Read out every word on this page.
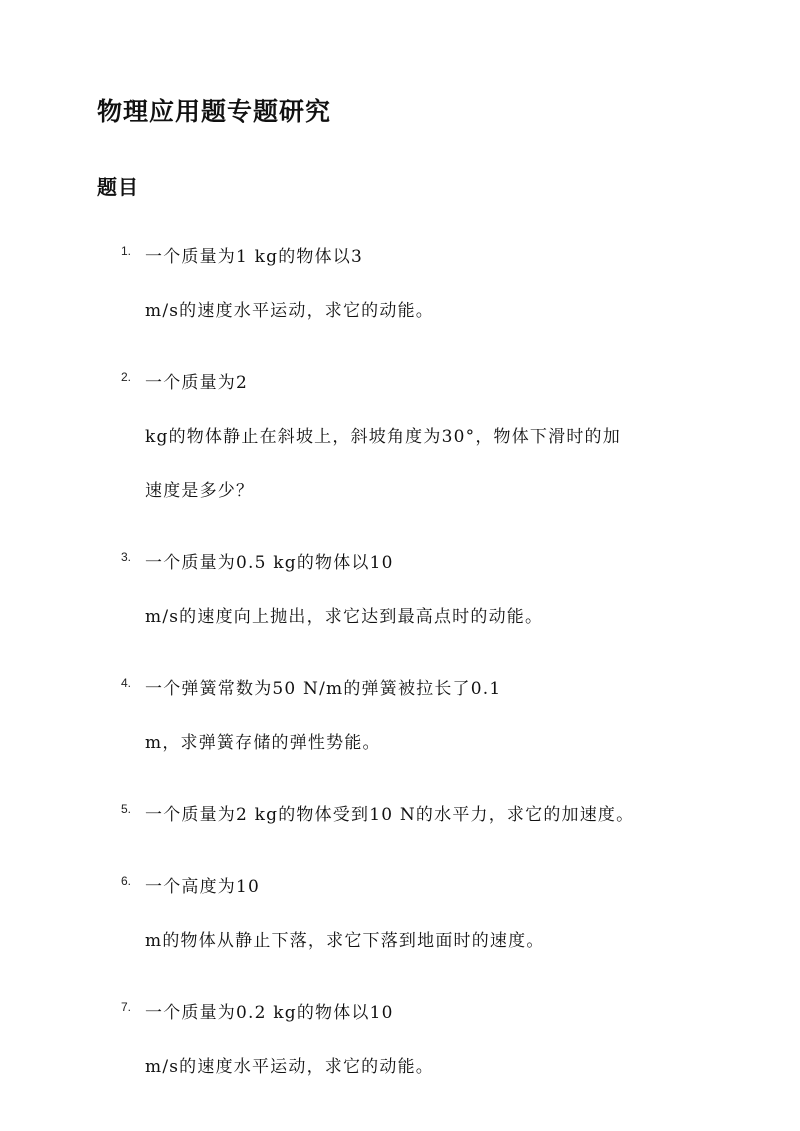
物理应用题专题研究
题目
1. 一个质量为1 kg的物体以3
m/s的速度水平运动，求它的动能。
2. 一个质量为2
kg的物体静止在斜坡上，斜坡角度为30°，物体下滑时的加
速度是多少？
3. 一个质量为0.5 kg的物体以10
m/s的速度向上抛出，求它达到最高点时的动能。
4. 一个弹簧常数为50 N/m的弹簧被拉长了0.1
m，求弹簧存储的弹性势能。
5. 一个质量为2 kg的物体受到10 N的水平力，求它的加速度。
6. 一个高度为10
m的物体从静止下落，求它下落到地面时的速度。
7. 一个质量为0.2 kg的物体以10
m/s的速度水平运动，求它的动能。
